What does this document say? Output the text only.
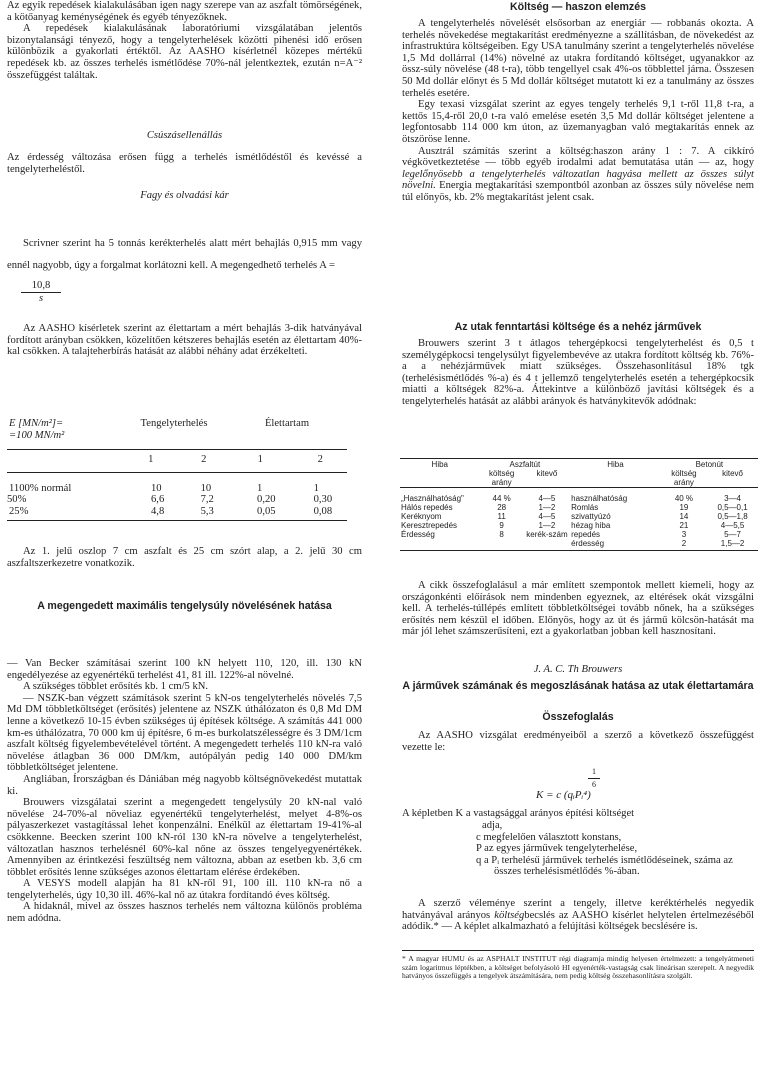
Az egyik repedések kialakulásában igen nagy szerepe van az aszfalt tömörségének, a kötőanyag keménységének és egyéb tényezőknek.

A repedések kialakulásának laboratóriumi vizsgálatában jelentős bizonytalansági tényező, hogy a tengelyterhelések közötti pihenési idő erősen különbözik a gyakorlati értéktől. Az AASHO kísérletnél közepes mértékű repedések kb. az összes terhelés ismétlődése 70%-nál jelentkeztek, ezután n=A⁻² összefüggést találtak.

Csúszásellenállás

Az érdesség változása erősen függ a terhelés ismétlődéstől és kevéssé a tengelyterheléstől.

Fagy és olvadási kár

Scrivner szerint ha 5 tonnás kerékterhelés alatt mért behajlás 0,915 mm vagy ennél nagyobb, úgy a forgalmat korlátozni kell. A megengedhető terhelés A =

$\frac{10,8}{s}$

Az AASHO kísérletek szerint az élettartam a mért behajlás 3-dik hatványával fordított arányban csökken, közelítően kétszeres behajlás esetén az élettartam 40%-kal csökken. A talajteherbírás hatását az alábbi néhány adat érzékelteti.

E [MN/m²]=
=100 MN/m²	Tengelyterhelés		Élettartam	

	1	2	1	2

1100% normál	10	10	1	1
50%	6,6	7,2	0,20	0,30
25%	4,8	5,3	0,05	0,08

Az 1. jelű oszlop 7 cm aszfalt és 25 cm szórt alap, a 2. jelű 30 cm aszfaltszerkezetre vonatkozik.

A megengedett maximális tengelysúly növelésének hatása

— Van Becker számításai szerint 100 kN helyett 110, 120, ill. 130 kN engedélyezése az egyenértékű terhelést 41, 81 ill. 122%-al növelné.

A szükséges többlet erősítés kb. 1 cm/5 kN.

— NSZK-ban végzett számítások szerint 5 kN-os tengelyterhelés növelés 7,5 Md DM többletköltséget (erősítés) jelentene az NSZK úthálózaton és 0,8 Md DM lenne a következő 10-15 évben szükséges új építések költsége. A számítás 441 000 km-es úthálózatra, 70 000 km új építésre, 6 m-es burkolatszélességre és 3 DM/1cm aszfalt költség figyelembevételével történt. A megengedett terhelés 110 kN-ra való növelése átlagban 36 000 DM/km, autópályán pedig 140 000 DM/km többletköltséget jelentene.

Angliában, Írországban és Dániában még nagyobb költségnövekedést mutattak ki.

Brouwers vizsgálatai szerint a megengedett tengelysúly 20 kN-nal való növelése 24-70%-al növeliaz egyenértékű tengelyterhelést, melyet 4-8%-os pályaszerkezet vastagítással lehet konpenzálni. Enélkül az élettartam 19-41%-al csökkenne. Beecken szerint 100 kN-ról 130 kN-ra növelve a tengelyterhelést, változatlan hasznos terhelésnél 60%-kal nőne az összes tengelyegyenértékek. Amennyiben az érintkezési feszültség nem változna, abban az esetben kb. 3,6 cm többlet erősítés lenne szükséges azonos élettartam elérése érdekében.

A VESYS modell alapján ha 81 kN-ről 91, 100 ill. 110 kN-ra nő a tengelyterhelés, úgy 10,30 ill. 46%-kal nő az útakra fordítandó éves költség.

A hidaknál, mivel az összes hasznos terhelés nem változna különös probléma nem adódna.

Költség — haszon elemzés

A tengelyterhelés növelését elsősorban az energiár — robbanás okozta. A terhelés növekedése megtakarítást eredményezne a szállításban, de növekedést az infrastruktúra költségeiben. Egy USA tanulmány szerint a tengelyterhelés növelése 1,5 Md dollárral (14%) növelné az utakra fordítandó költséget, ugyanakkor az össz-súly növelése (48 t-ra), több tengellyel csak 4%-os többlettel járna. Összesen 50 Md dollár előnyt és 5 Md dollár költséget mutatott ki ez a tanulmány az összes terhelés esetére.

Egy texasi vizsgálat szerint az egyes tengely terhelés 9,1 t-ről 11,8 t-ra, a kettős 15,4-ről 20,0 t-ra való emelése esetén 3,5 Md dollár költséget jelentene a legfontosabb 114 000 km úton, az üzemanyagban való megtakarítás ennek az ötszöröse lenne.

Ausztrál számítás szerint a költség:haszon arány 1 : 7. A cikkíró végkövetkeztetése — több egyéb irodalmi adat bemutatása után — az, hogy legelőnyösebb a tengelyterhelés változatlan hagyása mellett az összes súlyt növelni. Energia megtakarítási szempontból azonban az összes súly növelése nem túl előnyös, kb. 2% megtakarítást jelent csak.

Az utak fenntartási költsége és a nehéz járművek

Brouwers szerint 3 t átlagos tehergépkocsi tengelyterhelést és 0,5 t személygépkocsi tengelysúlyt figyelembevéve az utakra fordított költség kb. 76%-a a nehézjárművek miatt szükséges. Összehasonlításul 18% tgk (terhelésismétlődés %-a) és 4 t jellemző tengelyterhelés esetén a tehergépkocsik miatti a költségek 82%-a. Áttekintve a különböző javítási költségek és a tengelyterhelés hatását az alábbi arányok és hatványkitevők adódnak:

Hiba	Aszfaltút		Hiba	Betonút	
	költség arány	kitevő		költség arány	kitevő

„Használhatóság"	44 %	4—5	használhatóság	40 %	3—4
Hálós repedés	28	1—2	Romlás	19	0,5—0,1
Keréknyom	11	4—5	szivattyúzó	14	0,5—1,8
Keresztrepedés	9	1—2	hézag hiba	21	4—5,5
Érdesség	8	kerék-szám	repedés	3	5—7
			érdesség	2	1,5—2

A cikk összefoglalásul a már említett szempontok mellett kiemeli, hogy az országonkénti előírások nem mindenben egyeznek, az eltérések okát vizsgálni kell. A terhelés-túllépés említett többletköltségei tovább nőnek, ha a szükséges erősítés nem készül el időben. Előnyös, hogy az út és jármű kölcsön-hatását ma már jól lehet számszerűsíteni, ezt a gyakorlatban jobban kell hasznosítani.

J. A. C. Th Brouwers

A járművek számának és megoszlásának hatása az utak élettartamára

Összefoglalás

Az AASHO vizsgálat eredményeiből a szerző a következő összefüggést vezette le:

1
6
K = c (qᵢPᵢ⁴)

A képletben K a vastagsággal arányos építési költséget

adja,
c megfelelően választott konstans,
P az egyes járművek tengelyterhelése,
q a Pᵢ terhelésű járművek terhelés ismétlődéseinek, száma az összes terhelésismétlődés %-ában.

A szerző véleménye szerint a tengely, illetve keréktérhelés negyedik hatványával arányos költségbecslés az AASHO kísérlet helytelen értelmezéséből adódik.* — A képlet alkalmazható a felújítási költségek becslésére is.

* A magyar HUMU és az ASPHALT INSTITUT régi diagramja mindig helyesen értelmezett: a tengelyátmeneti szám logaritmus léptékben, a költséget befolyásoló HI egyenérték-vastagság csak lineárisan szerepelt. A negyedik hatványos összefüggés a tengelyek átszámítására, nem pedig költség összehasonlításra szolgált.
